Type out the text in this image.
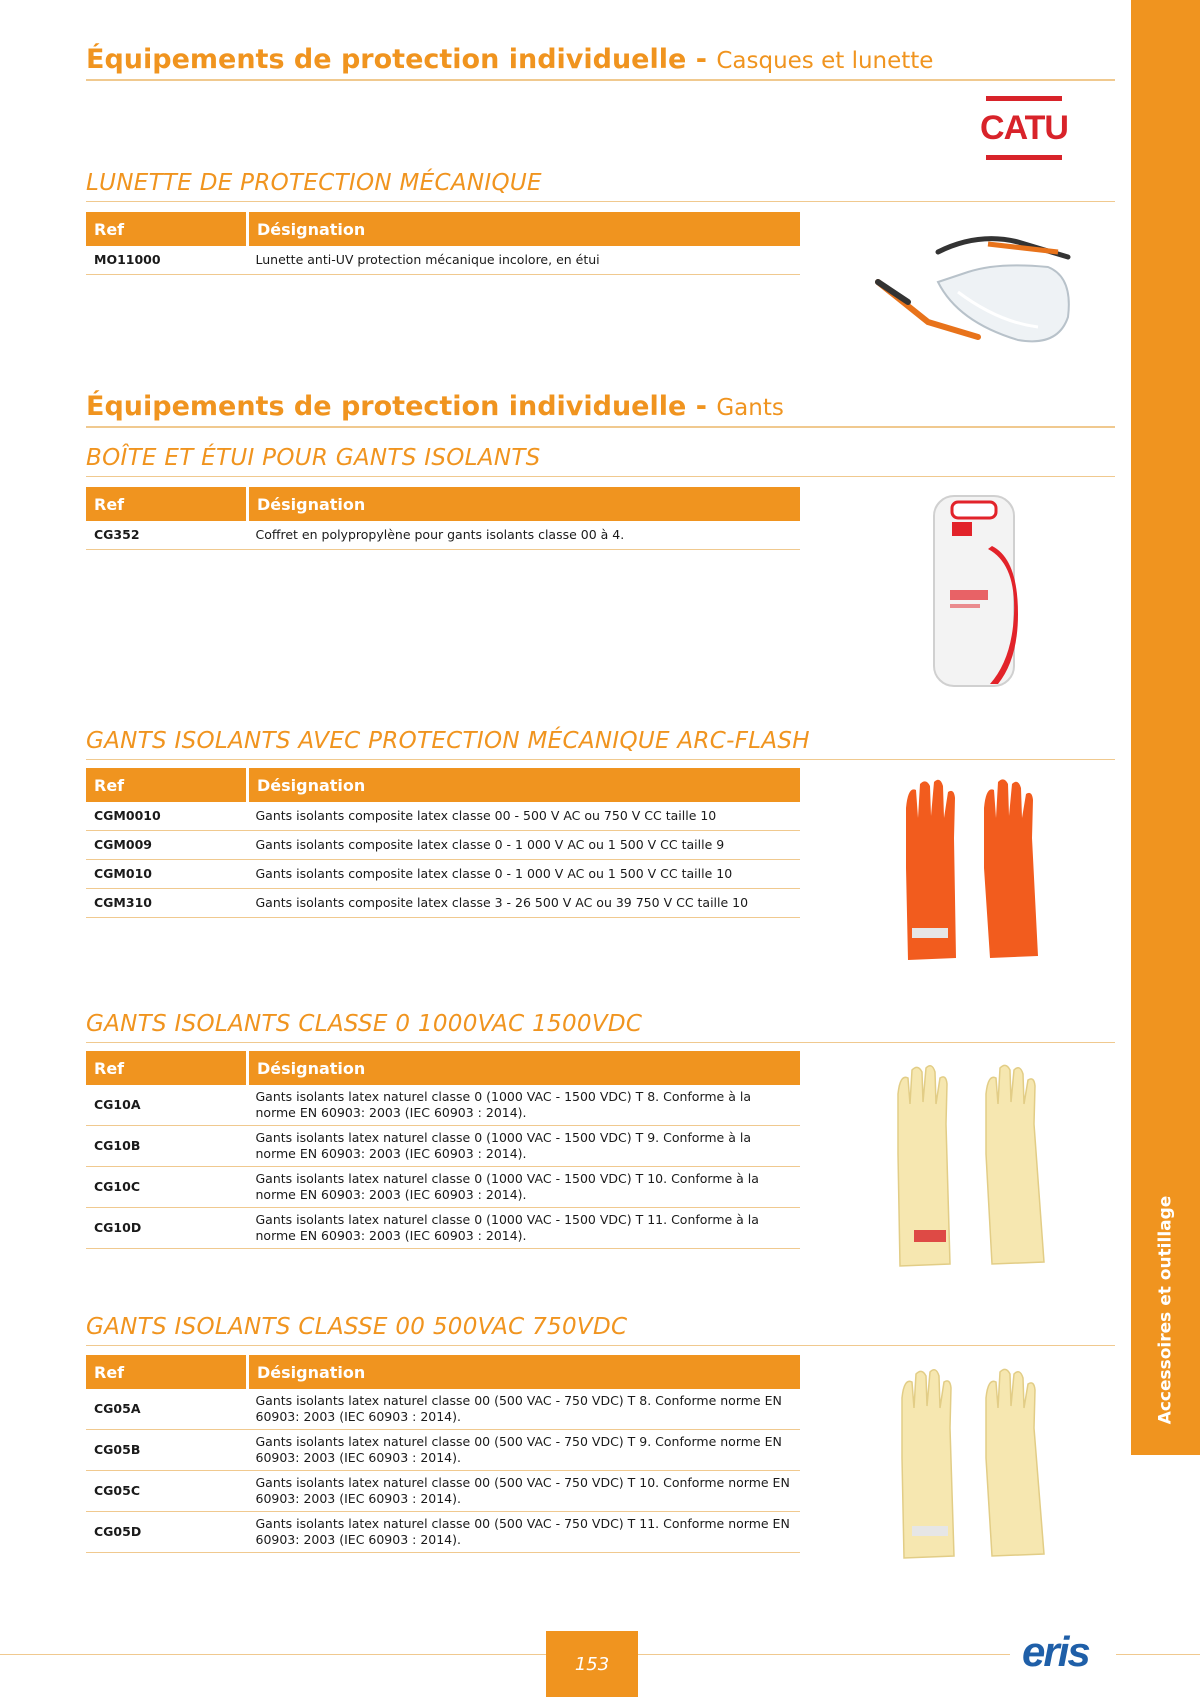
Accessoires et outillage
Équipements de protection individuelle - Casques et lunette
CATU
LUNETTE DE PROTECTION MÉCANIQUE
Ref	Désignation
MO11000	Lunette anti-UV protection mécanique incolore, en étui
Équipements de protection individuelle - Gants
BOÎTE ET ÉTUI POUR GANTS ISOLANTS
Ref	Désignation
CG352	Coffret en polypropylène pour gants isolants classe 00 à 4.
GANTS ISOLANTS AVEC PROTECTION MÉCANIQUE ARC-FLASH
Ref	Désignation
CGM0010	Gants isolants composite latex classe 00 - 500 V AC ou 750 V CC taille 10
CGM009	Gants isolants composite latex classe 0 - 1 000 V AC ou 1 500 V CC taille 9
CGM010	Gants isolants composite latex classe 0 - 1 000 V AC ou 1 500 V CC taille 10
CGM310	Gants isolants composite latex classe 3 - 26 500 V AC ou 39 750 V CC taille 10
GANTS ISOLANTS CLASSE 0 1000VAC 1500VDC
Ref	Désignation
CG10A	Gants isolants latex naturel classe 0 (1000 VAC - 1500 VDC) T 8. Conforme à la norme EN 60903: 2003 (IEC 60903 : 2014).
CG10B	Gants isolants latex naturel classe 0 (1000 VAC - 1500 VDC) T 9. Conforme à la norme EN 60903: 2003 (IEC 60903 : 2014).
CG10C	Gants isolants latex naturel classe 0 (1000 VAC - 1500 VDC) T 10. Conforme à la norme EN 60903: 2003 (IEC 60903 : 2014).
CG10D	Gants isolants latex naturel classe 0 (1000 VAC - 1500 VDC) T 11. Conforme à la norme EN 60903: 2003 (IEC 60903 : 2014).
GANTS ISOLANTS CLASSE 00 500VAC 750VDC
Ref	Désignation
CG05A	Gants isolants latex naturel classe 00 (500 VAC - 750 VDC) T 8. Conforme norme EN 60903: 2003 (IEC 60903 : 2014).
CG05B	Gants isolants latex naturel classe 00 (500 VAC - 750 VDC) T 9. Conforme norme EN 60903: 2003 (IEC 60903 : 2014).
CG05C	Gants isolants latex naturel classe 00 (500 VAC - 750 VDC) T 10. Conforme norme EN 60903: 2003 (IEC 60903 : 2014).
CG05D	Gants isolants latex naturel classe 00 (500 VAC - 750 VDC) T 11. Conforme norme EN 60903: 2003 (IEC 60903 : 2014).
153	eris
